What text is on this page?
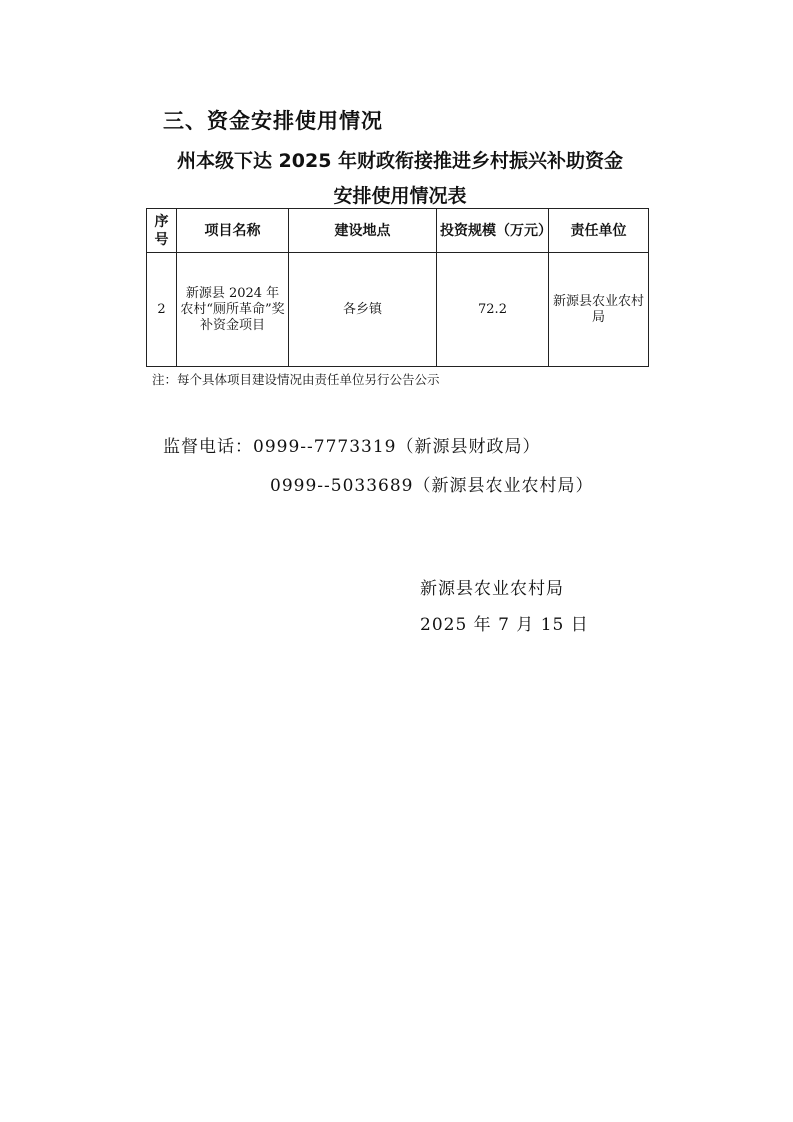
三、资金安排使用情况
州本级下达 2025 年财政衔接推进乡村振兴补助资金
安排使用情况表
序号	项目名称	建设地点	投资规模（万元）	责任单位
2	新源县 2024 年农村“厕所革命”奖补资金项目	各乡镇	72.2	新源县农业农村局
注：每个具体项目建设情况由责任单位另行公告公示
监督电话：0999--7773319（新源县财政局）
0999--5033689（新源县农业农村局）
新源县农业农村局
2025 年 7 月 15 日
